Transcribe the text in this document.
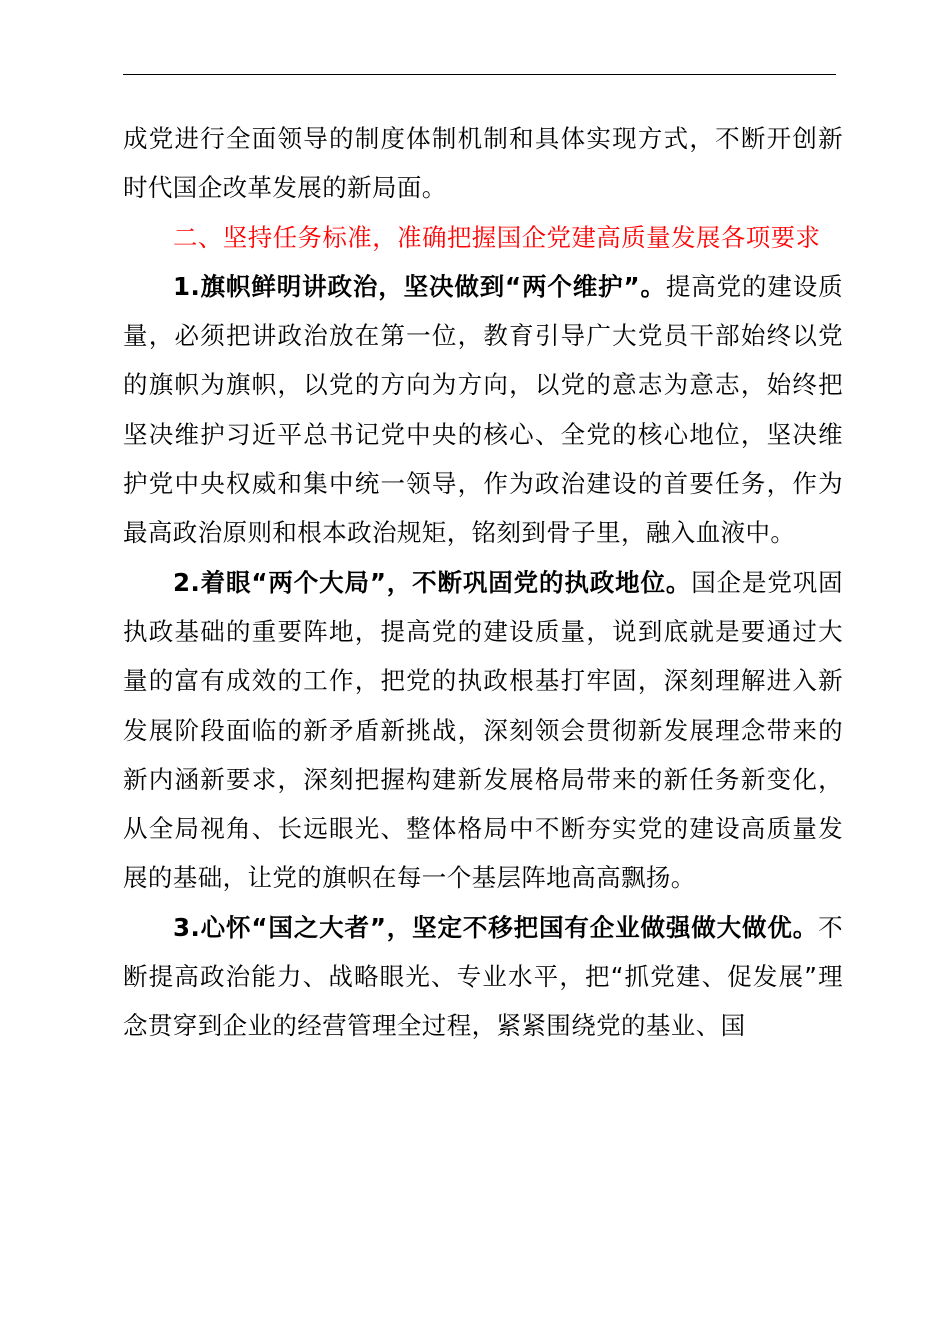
成党进行全面领导的制度体制机制和具体实现方式，不断开创新时代国企改革发展的新局面。

二、坚持任务标准，准确把握国企党建高质量发展各项要求

1.旗帜鲜明讲政治，坚决做到“两个维护”。提高党的建设质量，必须把讲政治放在第一位，教育引导广大党员干部始终以党的旗帜为旗帜，以党的方向为方向，以党的意志为意志，始终把坚决维护习近平总书记党中央的核心、全党的核心地位，坚决维护党中央权威和集中统一领导，作为政治建设的首要任务，作为最高政治原则和根本政治规矩，铭刻到骨子里，融入血液中。

2.着眼“两个大局”，不断巩固党的执政地位。国企是党巩固执政基础的重要阵地，提高党的建设质量，说到底就是要通过大量的富有成效的工作，把党的执政根基打牢固，深刻理解进入新发展阶段面临的新矛盾新挑战，深刻领会贯彻新发展理念带来的新内涵新要求，深刻把握构建新发展格局带来的新任务新变化，从全局视角、长远眼光、整体格局中不断夯实党的建设高质量发展的基础，让党的旗帜在每一个基层阵地高高飘扬。

3.心怀“国之大者”，坚定不移把国有企业做强做大做优。不断提高政治能力、战略眼光、专业水平，把“抓党建、促发展”理念贯穿到企业的经营管理全过程，紧紧围绕党的基业、国
